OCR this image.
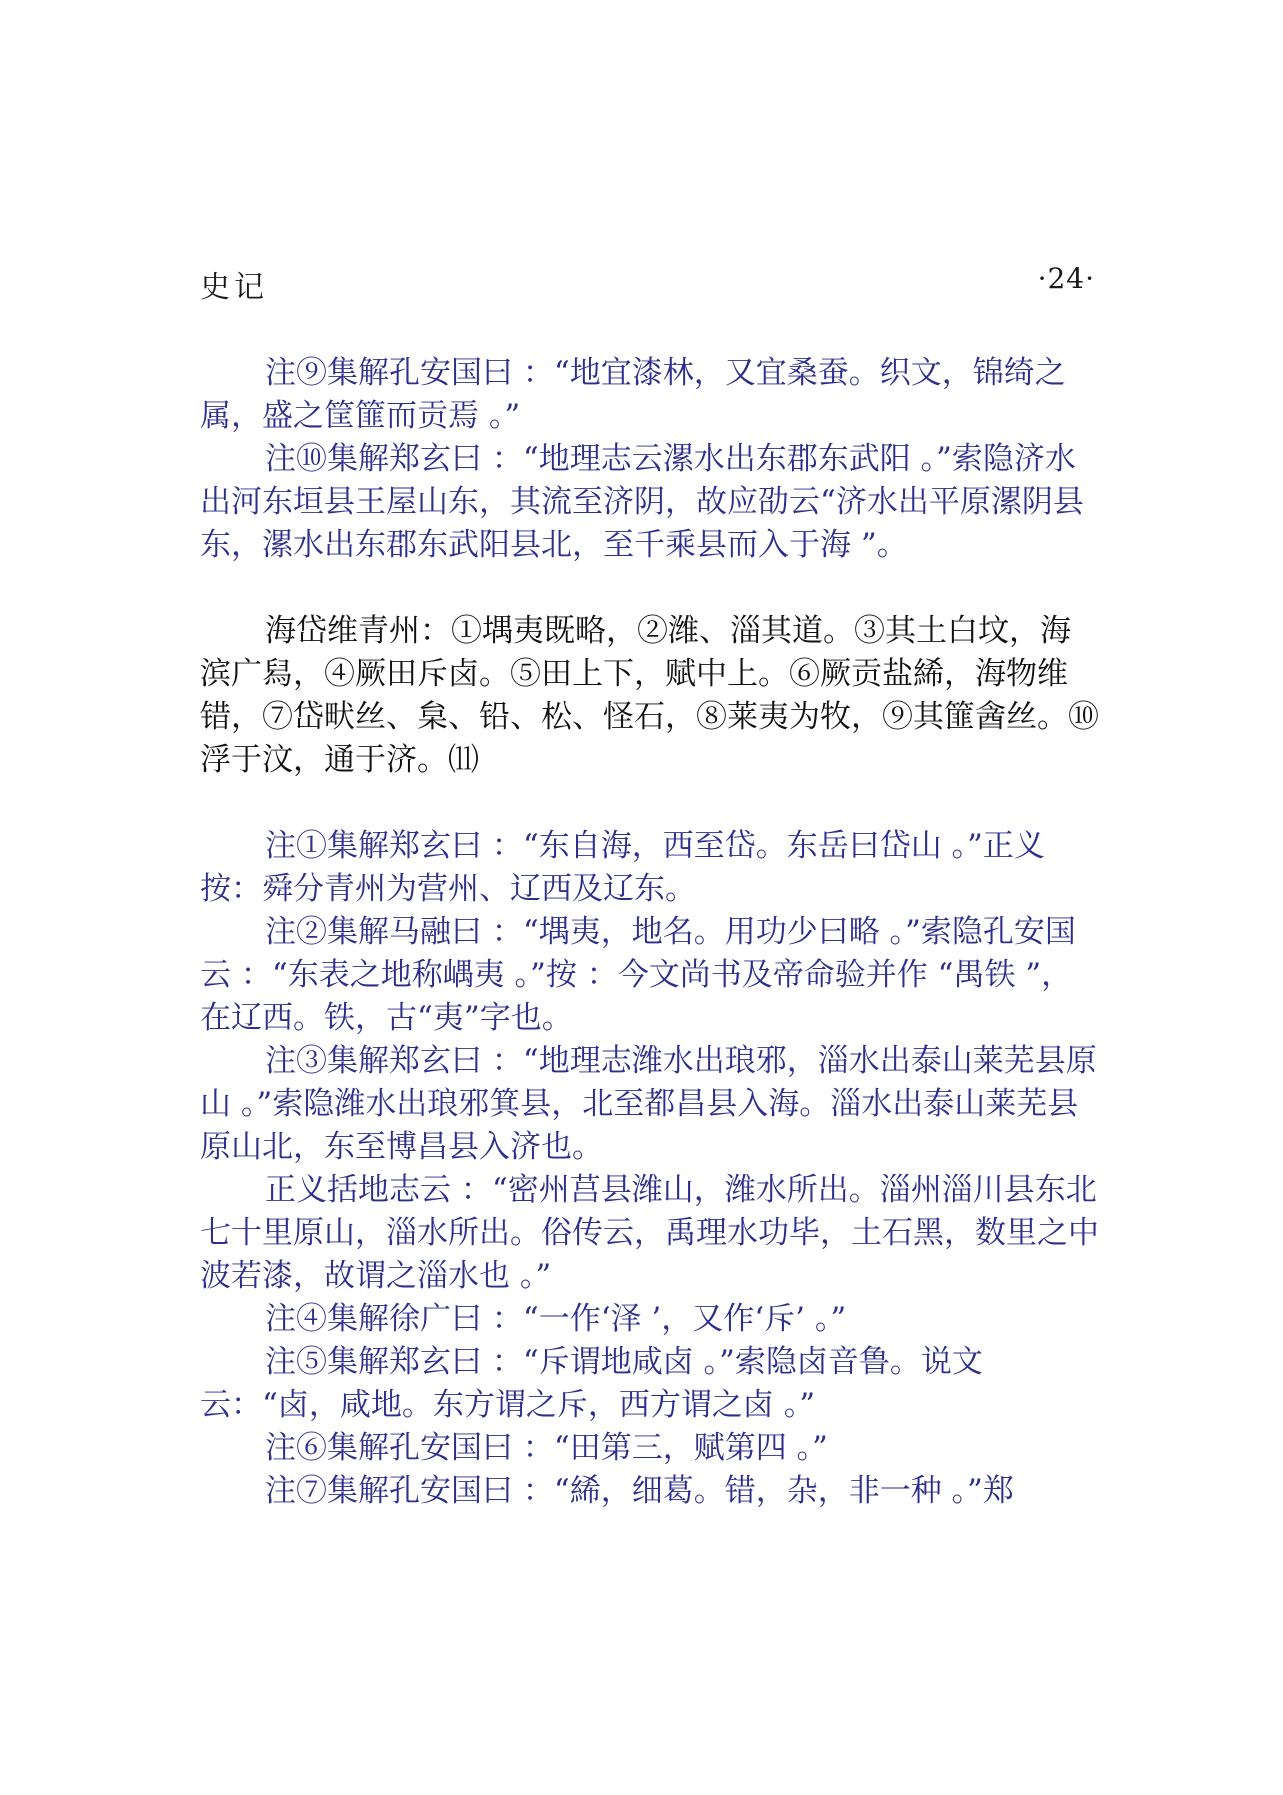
史记	·24·

注⑨集解孔安国曰 ：“地宜漆林，又宜桑蚕。织文，锦绮之属，盛之筐篚而贡焉 。”

注⑩集解郑玄曰 ：“地理志云漯水出东郡东武阳 。”索隐济水出河东垣县王屋山东，其流至济阴，故应劭云“济水出平原漯阴县东，漯水出东郡东武阳县北，至千乘县而入于海 ”。

海岱维青州：①堣夷既略，②潍、淄其道。③其土白坟，海滨广舄，④厥田斥卤。⑤田上下，赋中上。⑥厥贡盐絺，海物维错，⑦岱畎丝、枲、铅、松、怪石，⑧莱夷为牧，⑨其篚酓丝。⑩浮于汶，通于济。⑾

注①集解郑玄曰 ：“东自海，西至岱。东岳曰岱山 。”正义按：舜分青州为营州、辽西及辽东。

注②集解马融曰 ：“堣夷，地名。用功少曰略 。”索隐孔安国云 ：“东表之地称嵎夷 。”按 ：今文尚书及帝命验并作 “禺铁 ”，在辽西。铁，古“夷”字也。

注③集解郑玄曰 ：“地理志潍水出琅邪，淄水出泰山莱芜县原山 。”索隐潍水出琅邪箕县，北至都昌县入海。淄水出泰山莱芜县原山北，东至博昌县入济也。

正义括地志云 ：“密州莒县潍山，潍水所出。淄州淄川县东北七十里原山，淄水所出。俗传云，禹理水功毕，土石黑，数里之中波若漆，故谓之淄水也 。”

注④集解徐广曰 ：“一作‘泽 ’，又作‘斥’ 。”

注⑤集解郑玄曰 ：“斥谓地咸卤 。”索隐卤音鲁。说文云：“卤，咸地。东方谓之斥，西方谓之卤 。”

注⑥集解孔安国曰 ：“田第三，赋第四 。”

注⑦集解孔安国曰 ：“絺，细葛。错，杂，非一种 。”郑
